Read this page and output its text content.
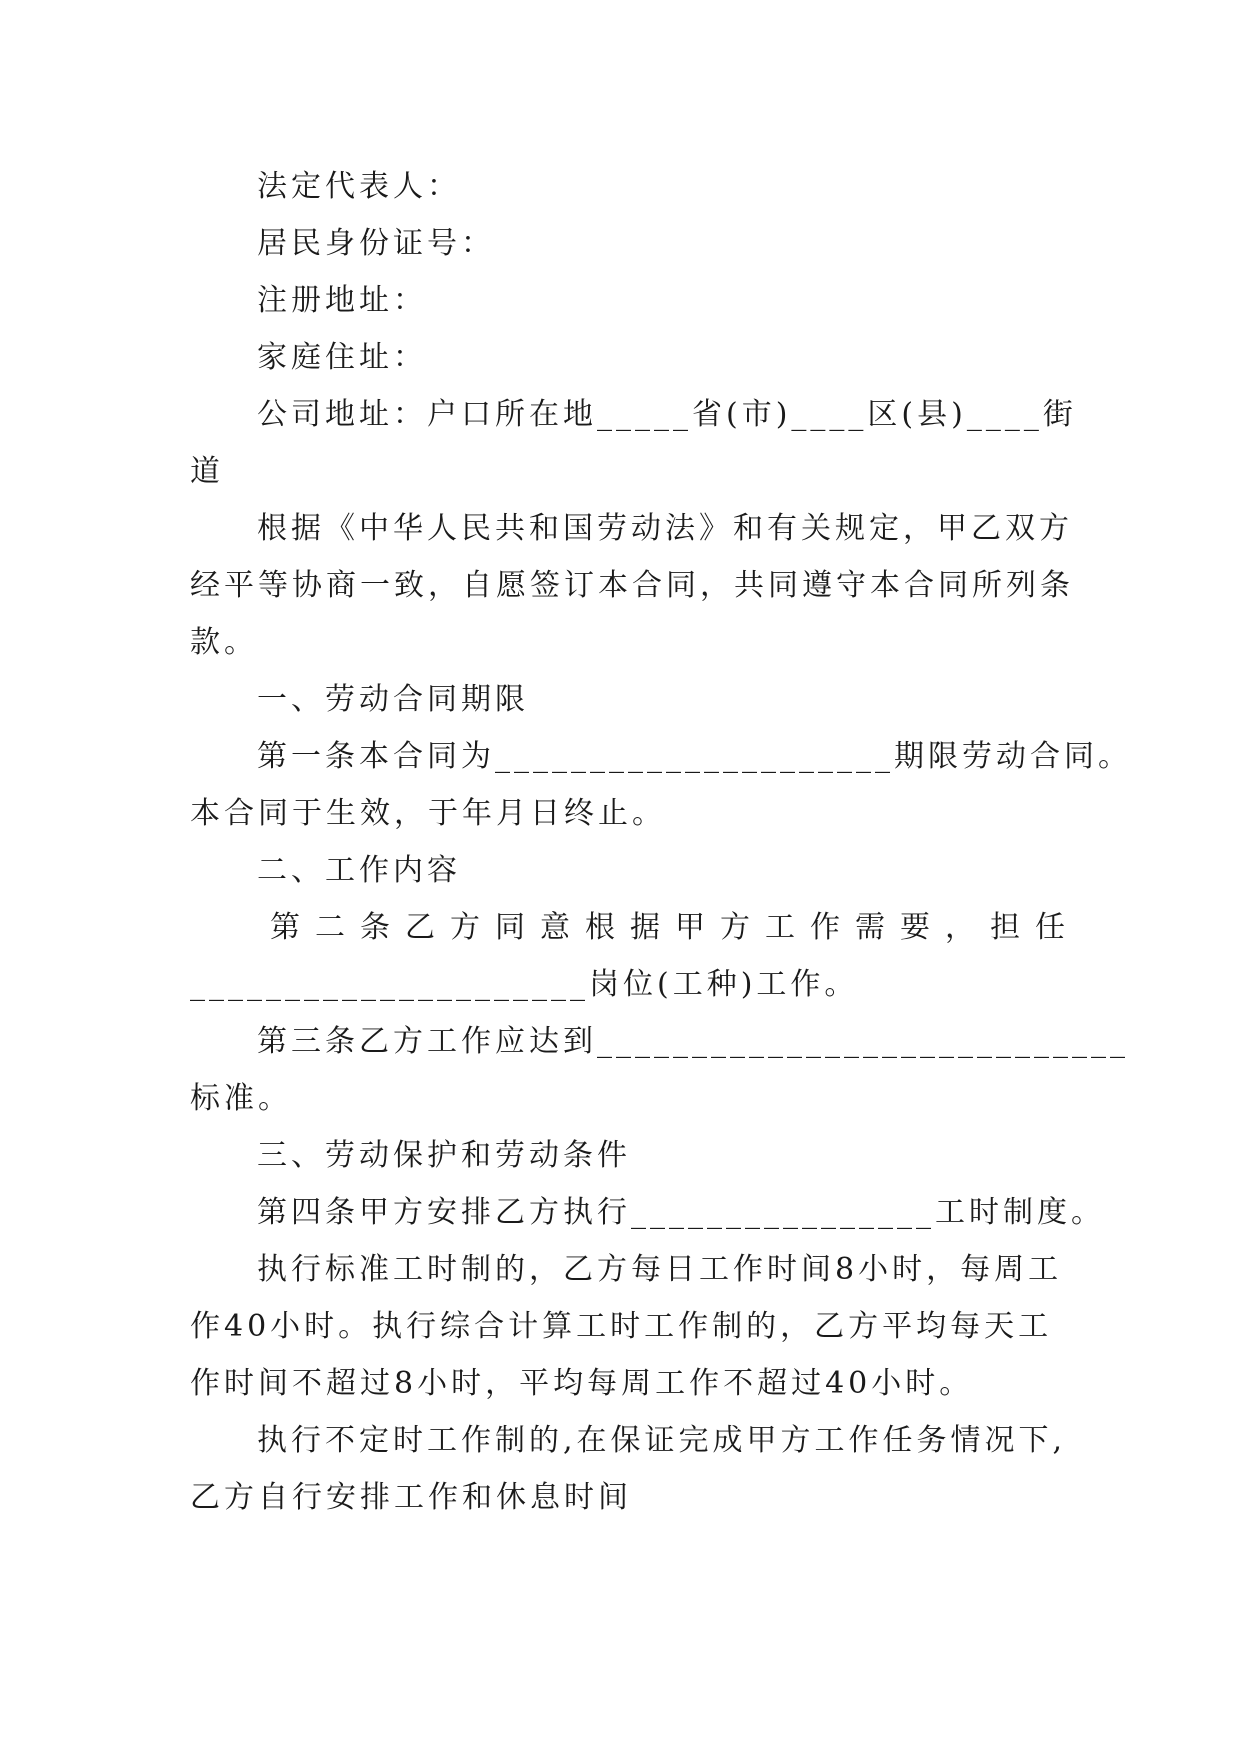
法定代表人：
居民身份证号：
注册地址：
家庭住址：
公司地址：户口所在地_____省(市)____区(县)____街
道
根据《中华人民共和国劳动法》和有关规定，甲乙双方
经平等协商一致，自愿签订本合同，共同遵守本合同所列条
款。
一、劳动合同期限
第一条本合同为_____________________期限劳动合同。
本合同于生效，于年月日终止。
二、工作内容
第二条乙方同意根据甲方工作需要，担任
_____________________岗位(工种)工作。
第三条乙方工作应达到____________________________
标准。
三、劳动保护和劳动条件
第四条甲方安排乙方执行________________工时制度。
执行标准工时制的，乙方每日工作时间8小时，每周工
作40小时。执行综合计算工时工作制的，乙方平均每天工
作时间不超过8小时，平均每周工作不超过40小时。
执行不定时工作制的,在保证完成甲方工作任务情况下,
乙方自行安排工作和休息时间
